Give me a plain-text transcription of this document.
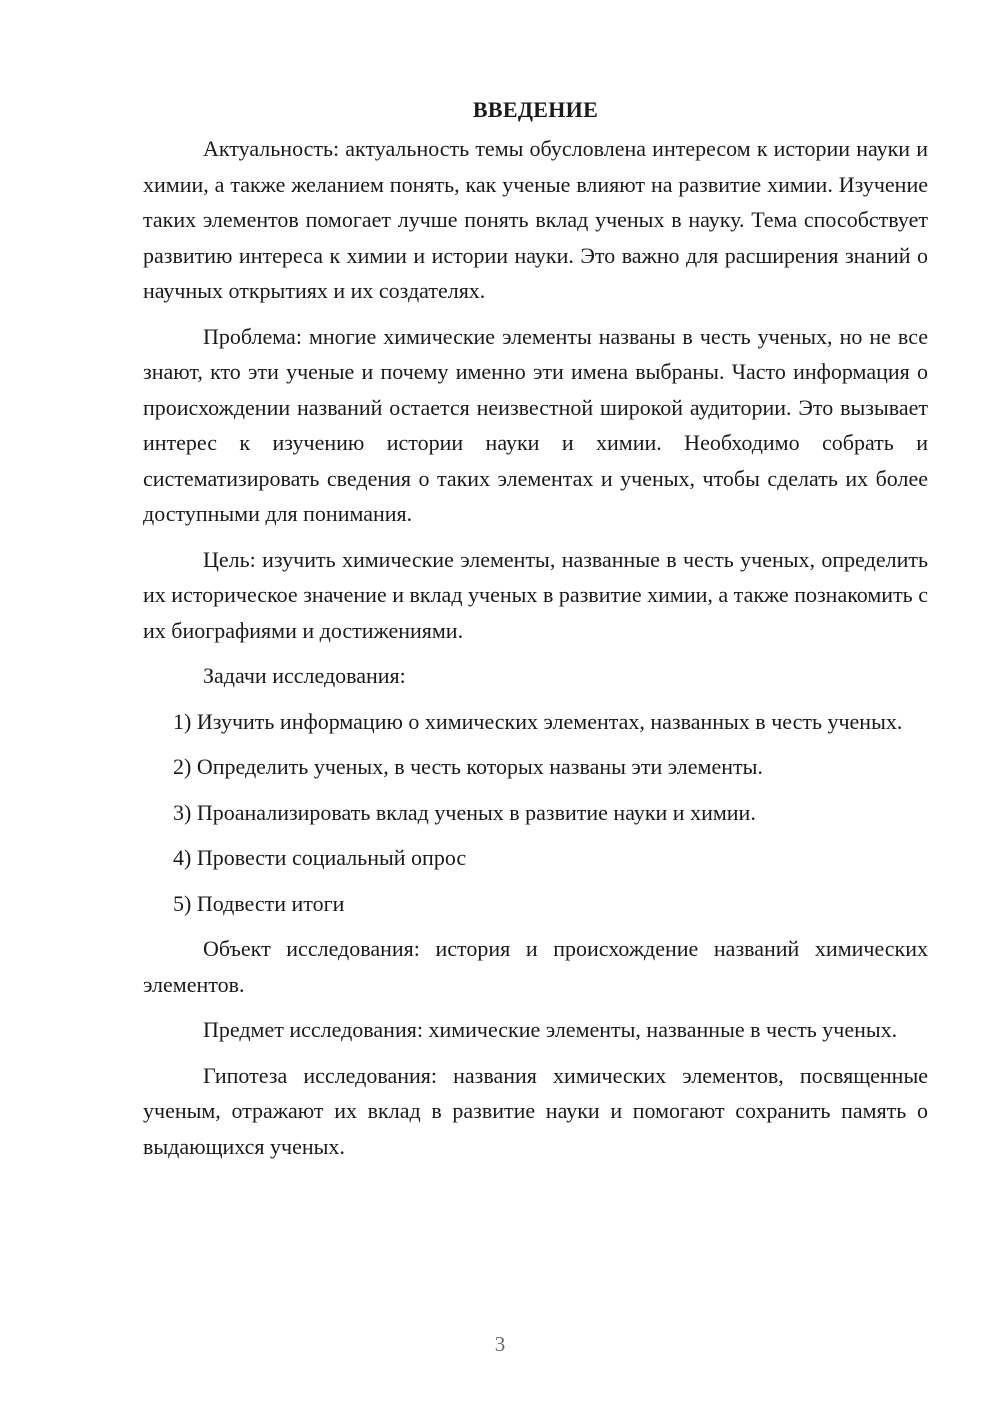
ВВЕДЕНИЕ

Актуальность: актуальность темы обусловлена интересом к истории науки и химии, а также желанием понять, как ученые влияют на развитие химии. Изучение таких элементов помогает лучше понять вклад ученых в науку. Тема способствует развитию интереса к химии и истории науки. Это важно для расширения знаний о научных открытиях и их создателях.

Проблема: многие химические элементы названы в честь ученых, но не все знают, кто эти ученые и почему именно эти имена выбраны. Часто информация о происхождении названий остается неизвестной широкой аудитории. Это вызывает интерес к изучению истории науки и химии. Необходимо собрать и систематизировать сведения о таких элементах и ученых, чтобы сделать их более доступными для понимания.

Цель: изучить химические элементы, названные в честь ученых, определить их историческое значение и вклад ученых в развитие химии, а также познакомить с их биографиями и достижениями.

Задачи исследования:

1) Изучить информацию о химических элементах, названных в честь ученых.

2) Определить ученых, в честь которых названы эти элементы.

3) Проанализировать вклад ученых в развитие науки и химии.

4) Провести социальный опрос

5) Подвести итоги

Объект исследования: история и происхождение названий химических элементов.

Предмет исследования: химические элементы, названные в честь ученых.

Гипотеза исследования: названия химических элементов, посвященные ученым, отражают их вклад в развитие науки и помогают сохранить память о выдающихся ученых.

3
